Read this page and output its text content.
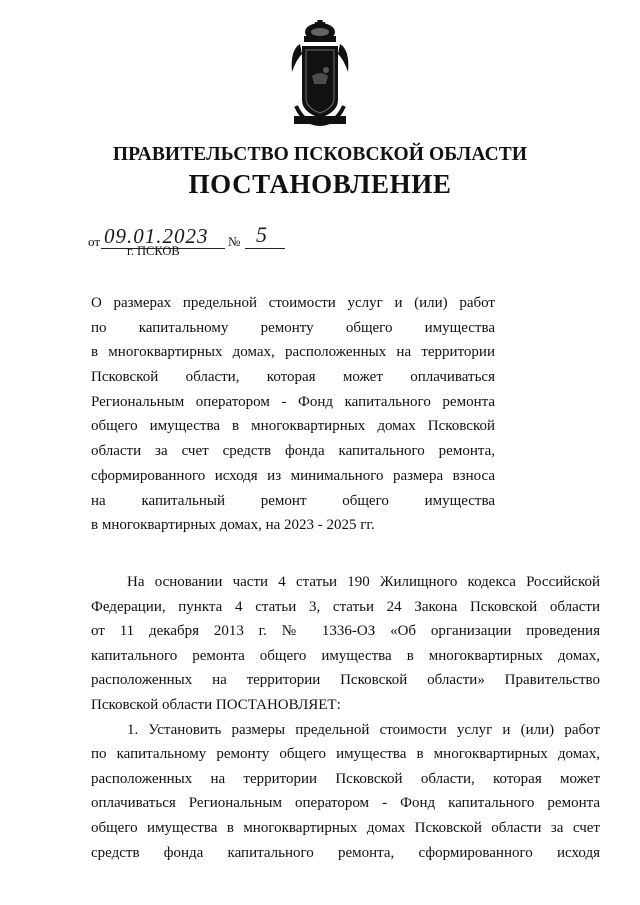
ПРАВИТЕЛЬСТВО ПСКОВСКОЙ ОБЛАСТИ
ПОСТАНОВЛЕНИЕ
от 09.01.2023 № 5
г. ПСКОВ
О размерах предельной стоимости услуг и (или) работ
по капитальному ремонту общего имущества
в многоквартирных домах, расположенных на территории
Псковской области, которая может оплачиваться
Региональным оператором - Фонд капитального ремонта
общего имущества в многоквартирных домах Псковской
области за счет средств фонда капитального ремонта,
сформированного исходя из минимального размера взноса
на капитальный ремонт общего имущества
в многоквартирных домах, на 2023 - 2025 гг.
На основании части 4 статьи 190 Жилищного кодекса Российской
Федерации, пункта 4 статьи 3, статьи 24 Закона Псковской области
от 11 декабря 2013 г. № 1336-ОЗ «Об организации проведения
капитального ремонта общего имущества в многоквартирных домах,
расположенных на территории Псковской области» Правительство
Псковской области ПОСТАНОВЛЯЕТ:
1. Установить размеры предельной стоимости услуг и (или) работ
по капитальному ремонту общего имущества в многоквартирных домах,
расположенных на территории Псковской области, которая может
оплачиваться Региональным оператором - Фонд капитального ремонта
общего имущества в многоквартирных домах Псковской области за счет
средств фонда капитального ремонта, сформированного исходя
